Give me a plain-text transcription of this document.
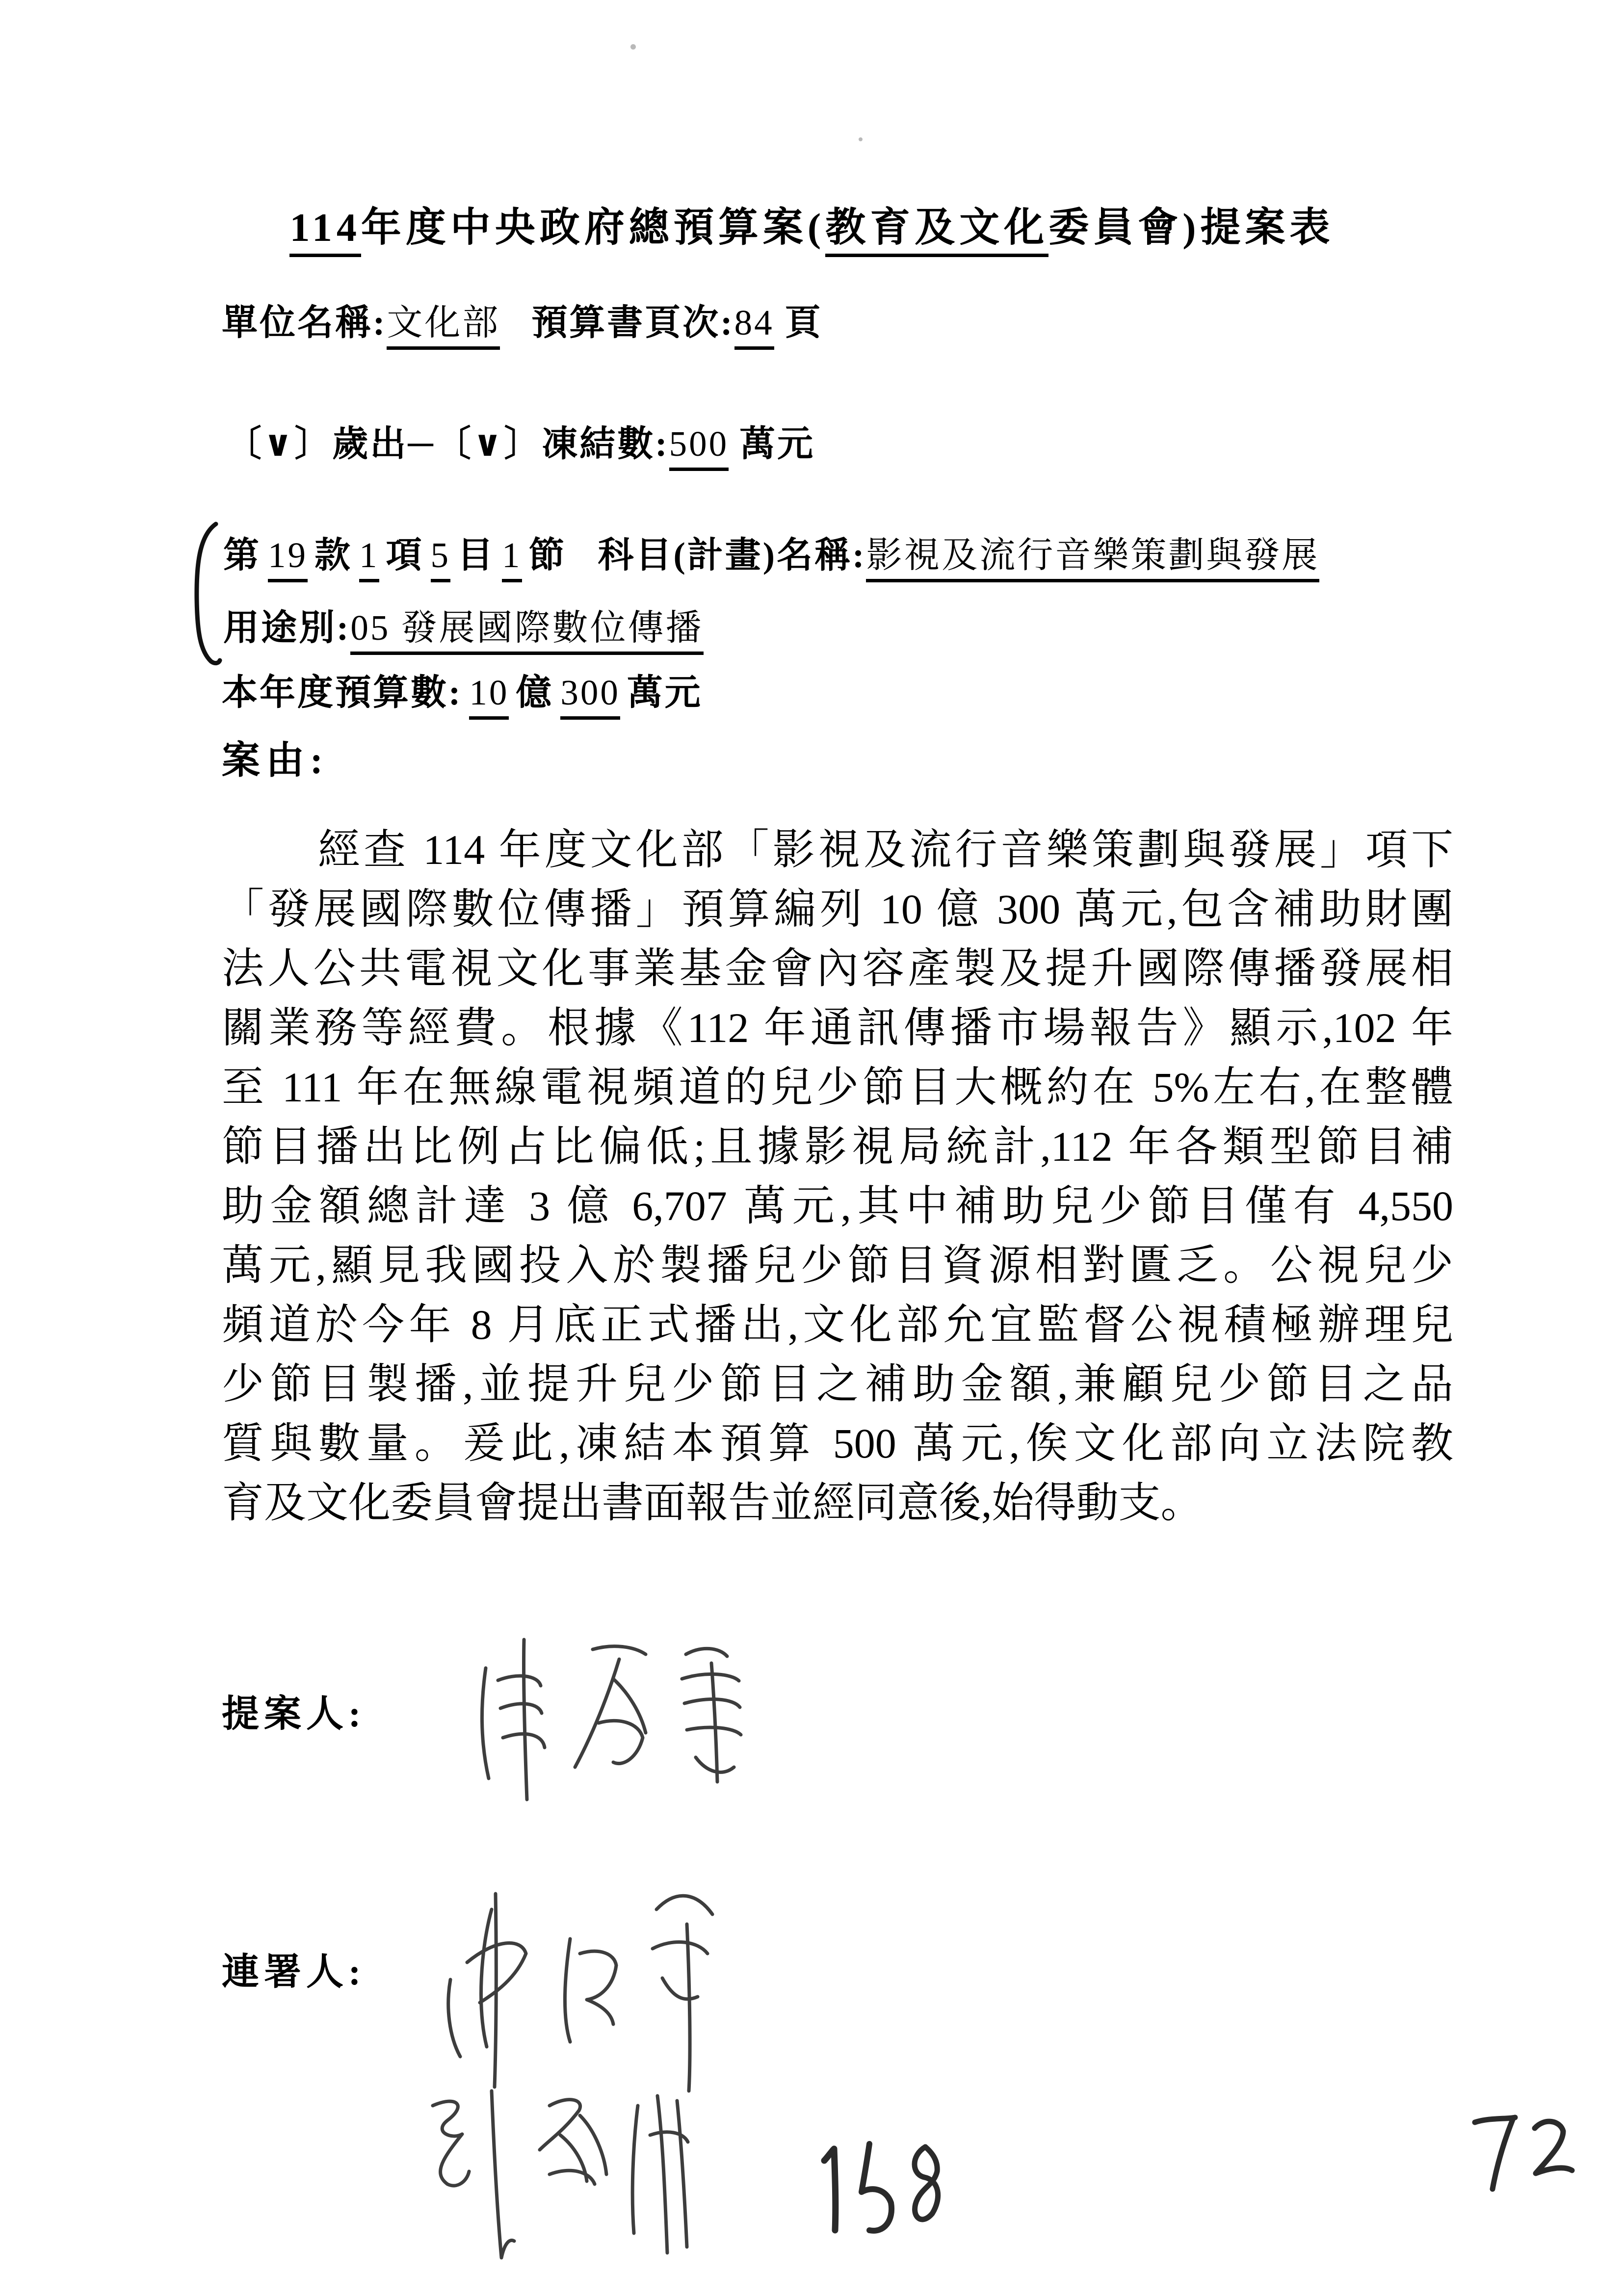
114年度中央政府總預算案(教育及文化委員會)提案表
單位名稱:文化部 預算書頁次:84 頁
〔∨〕歲出─〔∨〕凍結數:500 萬元
第 19 款 1 項 5 目 1 節 科目(計畫)名稱:影視及流行音樂策劃與發展
用途別:05 發展國際數位傳播
本年度預算數: 10 億 300 萬元
案由:
經查 114 年度文化部「影視及流行音樂策劃與發展」項下
「發展國際數位傳播」預算編列 10 億 300 萬元,包含補助財團
法人公共電視文化事業基金會內容產製及提升國際傳播發展相
關業務等經費。根據《112 年通訊傳播市場報告》顯示,102 年
至 111 年在無線電視頻道的兒少節目大概約在 5%左右,在整體
節目播出比例占比偏低;且據影視局統計,112 年各類型節目補
助金額總計達 3 億 6,707 萬元,其中補助兒少節目僅有 4,550
萬元,顯見我國投入於製播兒少節目資源相對匱乏。公視兒少
頻道於今年 8 月底正式播出,文化部允宜監督公視積極辦理兒
少節目製播,並提升兒少節目之補助金額,兼顧兒少節目之品
質與數量。爰此,凍結本預算 500 萬元,俟文化部向立法院教
育及文化委員會提出書面報告並經同意後,始得動支。
提案人:
連署人:
